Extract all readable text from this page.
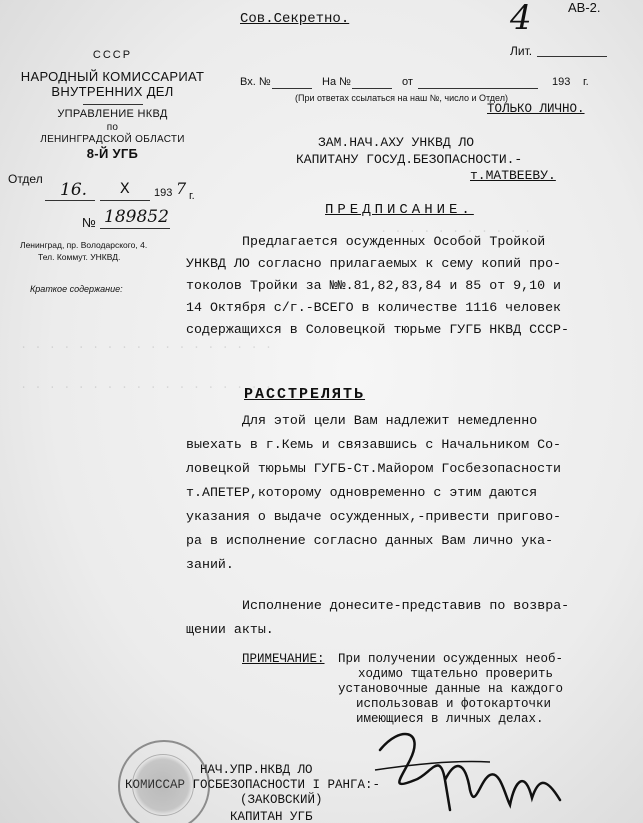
. . . . . . . . . . .
. . . . . . . . . . . . . . . . . .
. . . . . . . . . . . . . . . . . .
Сов.Секретно.	4	АВ-2.
Лит.
Вх. №	На №	от	193 г.
(При ответах ссылаться на наш №, число и Отдел)
ТОЛЬКО ЛИЧНО.
СССР
НАРОДНЫЙ КОМИССАРИАТ
ВНУТРЕННИХ ДЕЛ
УПРАВЛЕНИЕ НКВД
по
ЛЕНИНГРАДСКОЙ ОБЛАСТИ
8-Й УГБ
Отдел
16. X 193 7 г.
№ 189852
Ленинград, пр. Володарского, 4.
Тел. Коммут. УНКВД.
Краткое содержание:
ЗАМ.НАЧ.АХУ УНКВД ЛО
КАПИТАНУ ГОСУД.БЕЗОПАСНОСТИ.-
т.МАТВЕЕВУ.
ПРЕДПИСАНИЕ.
Предлагается осужденных Особой Тройкой
УНКВД ЛО согласно прилагаемых к сему копий про-
токолов Тройки за №№.81,82,83,84 и 85 от 9,10 и
14 Октября с/г.-ВСЕГО в количестве 1116 человек
содержащихся в Соловецкой тюрьме ГУГБ НКВД СССР-
РАССТРЕЛЯТЬ
Для этой цели Вам надлежит немедленно
выехать в г.Кемь и связавшись с Начальником Со-
ловецкой тюрьмы ГУГБ-Ст.Майором Госбезопасности
т.АПЕТЕР,которому одновременно с этим даются
указания о выдаче осужденных,-привести пригово-
ра в исполнение согласно данных Вам лично ука-
заний.
Исполнение донесите-представив по возвра-
щении акты.
ПРИМЕЧАНИЕ: При получении осужденных необ-
ходимо тщательно проверить
установочные данные на каждого
использовав и фотокарточки
имеющиеся в личных делах.
НАЧ.УПР.НКВД ЛО
КОМИССАР ГОСБЕЗОПАСНОСТИ I РАНГА:-
(ЗАКОВСКИЙ)
КАПИТАН УГБ
